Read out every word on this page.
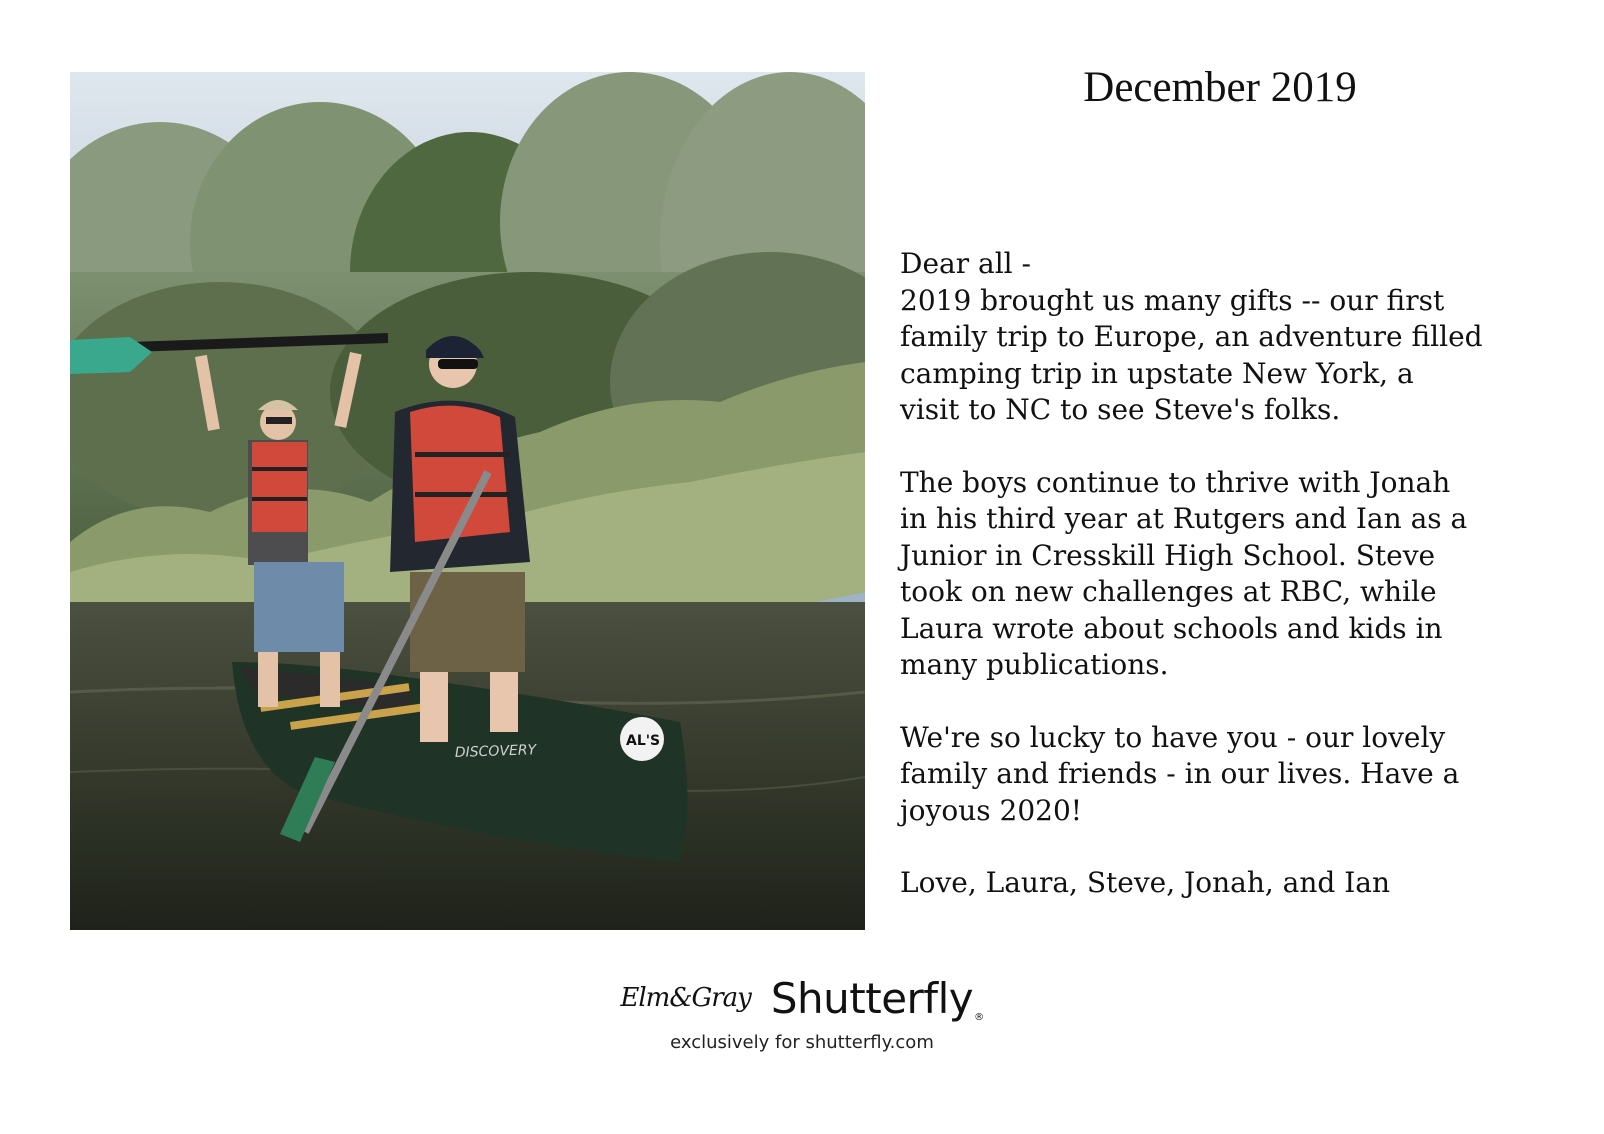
DISCOVERY
AL'S
December 2019

Dear all -

2019 brought us many gifts -- our first
family trip to Europe, an adventure filled
camping trip in upstate New York, a
visit to NC to see Steve's folks.

The boys continue to thrive with Jonah
in his third year at Rutgers and Ian as a
Junior in Cresskill High School. Steve
took on new challenges at RBC, while
Laura wrote about schools and kids in
many publications.

We're so lucky to have you - our lovely
family and friends - in our lives. Have a
joyous 2020!

Love, Laura, Steve, Jonah, and Ian

Elm&Gray Shutterfly®
exclusively for shutterfly.com
